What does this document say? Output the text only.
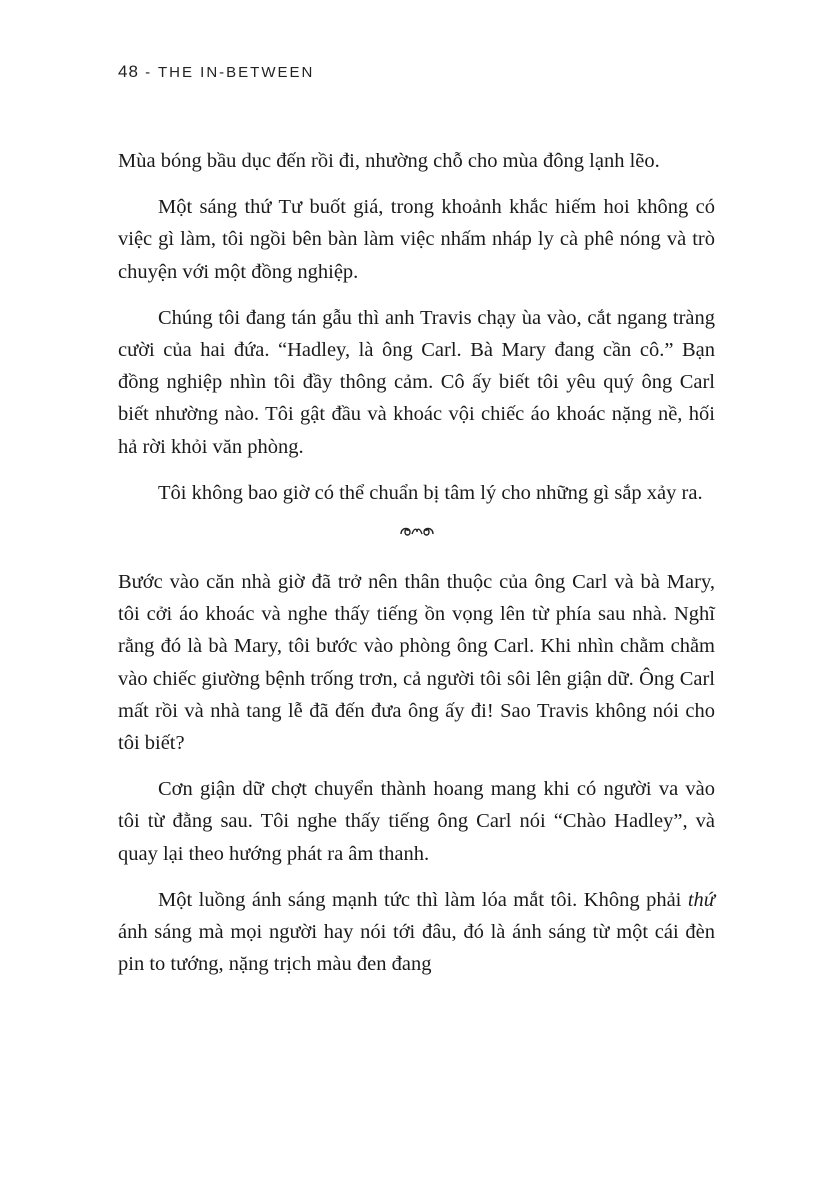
48 - THE IN-BETWEEN

Mùa bóng bầu dục đến rồi đi, nhường chỗ cho mùa đông lạnh lẽo.

Một sáng thứ Tư buốt giá, trong khoảnh khắc hiếm hoi không có việc gì làm, tôi ngồi bên bàn làm việc nhấm nháp ly cà phê nóng và trò chuyện với một đồng nghiệp.

Chúng tôi đang tán gẫu thì anh Travis chạy ùa vào, cắt ngang tràng cười của hai đứa. “Hadley, là ông Carl. Bà Mary đang cần cô.” Bạn đồng nghiệp nhìn tôi đầy thông cảm. Cô ấy biết tôi yêu quý ông Carl biết nhường nào. Tôi gật đầu và khoác vội chiếc áo khoác nặng nề, hối hả rời khỏi văn phòng.

Tôi không bao giờ có thể chuẩn bị tâm lý cho những gì sắp xảy ra.

Bước vào căn nhà giờ đã trở nên thân thuộc của ông Carl và bà Mary, tôi cởi áo khoác và nghe thấy tiếng ồn vọng lên từ phía sau nhà. Nghĩ rằng đó là bà Mary, tôi bước vào phòng ông Carl. Khi nhìn chằm chằm vào chiếc giường bệnh trống trơn, cả người tôi sôi lên giận dữ. Ông Carl mất rồi và nhà tang lễ đã đến đưa ông ấy đi! Sao Travis không nói cho tôi biết?

Cơn giận dữ chợt chuyển thành hoang mang khi có người va vào tôi từ đằng sau. Tôi nghe thấy tiếng ông Carl nói “Chào Hadley”, và quay lại theo hướng phát ra âm thanh.

Một luồng ánh sáng mạnh tức thì làm lóa mắt tôi. Không phải thứ ánh sáng mà mọi người hay nói tới đâu, đó là ánh sáng từ một cái đèn pin to tướng, nặng trịch màu đen đang
